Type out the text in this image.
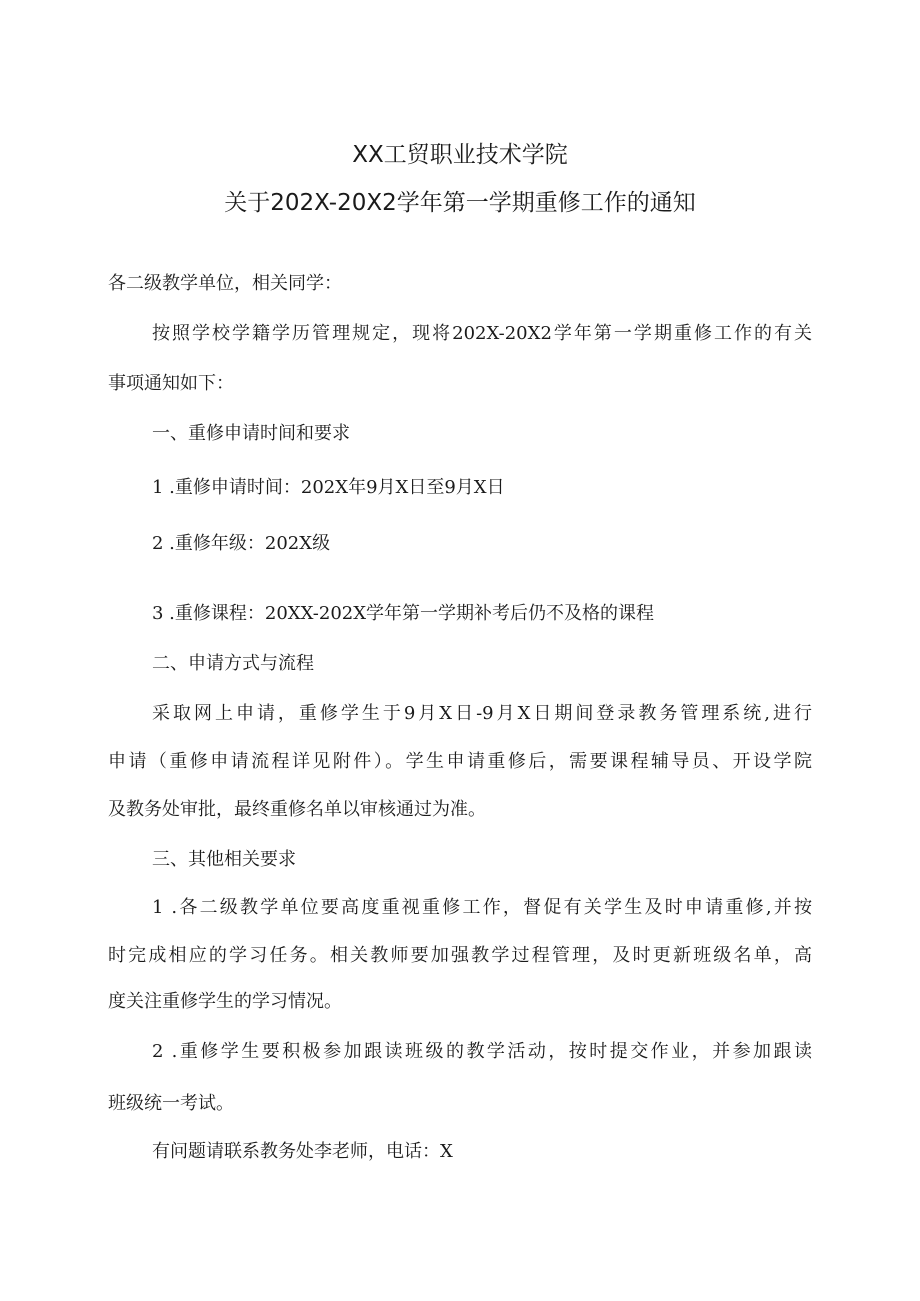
XX工贸职业技术学院
关于202X-20X2学年第一学期重修工作的通知
各二级教学单位，相关同学：
按照学校学籍学历管理规定，现将202X-20X2学年第一学期重修工作的有关
事项通知如下：
一、重修申请时间和要求
1 .重修申请时间：202X年9月X日至9月X日
2 .重修年级：202X级
3 .重修课程：20XX-202X学年第一学期补考后仍不及格的课程
二、申请方式与流程
采取网上申请，重修学生于9月X日-9月X日期间登录教务管理系统,进行
申请（重修申请流程详见附件）。学生申请重修后，需要课程辅导员、开设学院
及教务处审批，最终重修名单以审核通过为准。
三、其他相关要求
1 .各二级教学单位要高度重视重修工作，督促有关学生及时申请重修,并按
时完成相应的学习任务。相关教师要加强教学过程管理，及时更新班级名单，高
度关注重修学生的学习情况。
2 .重修学生要积极参加跟读班级的教学活动，按时提交作业，并参加跟读
班级统一考试。
有问题请联系教务处李老师，电话：X
